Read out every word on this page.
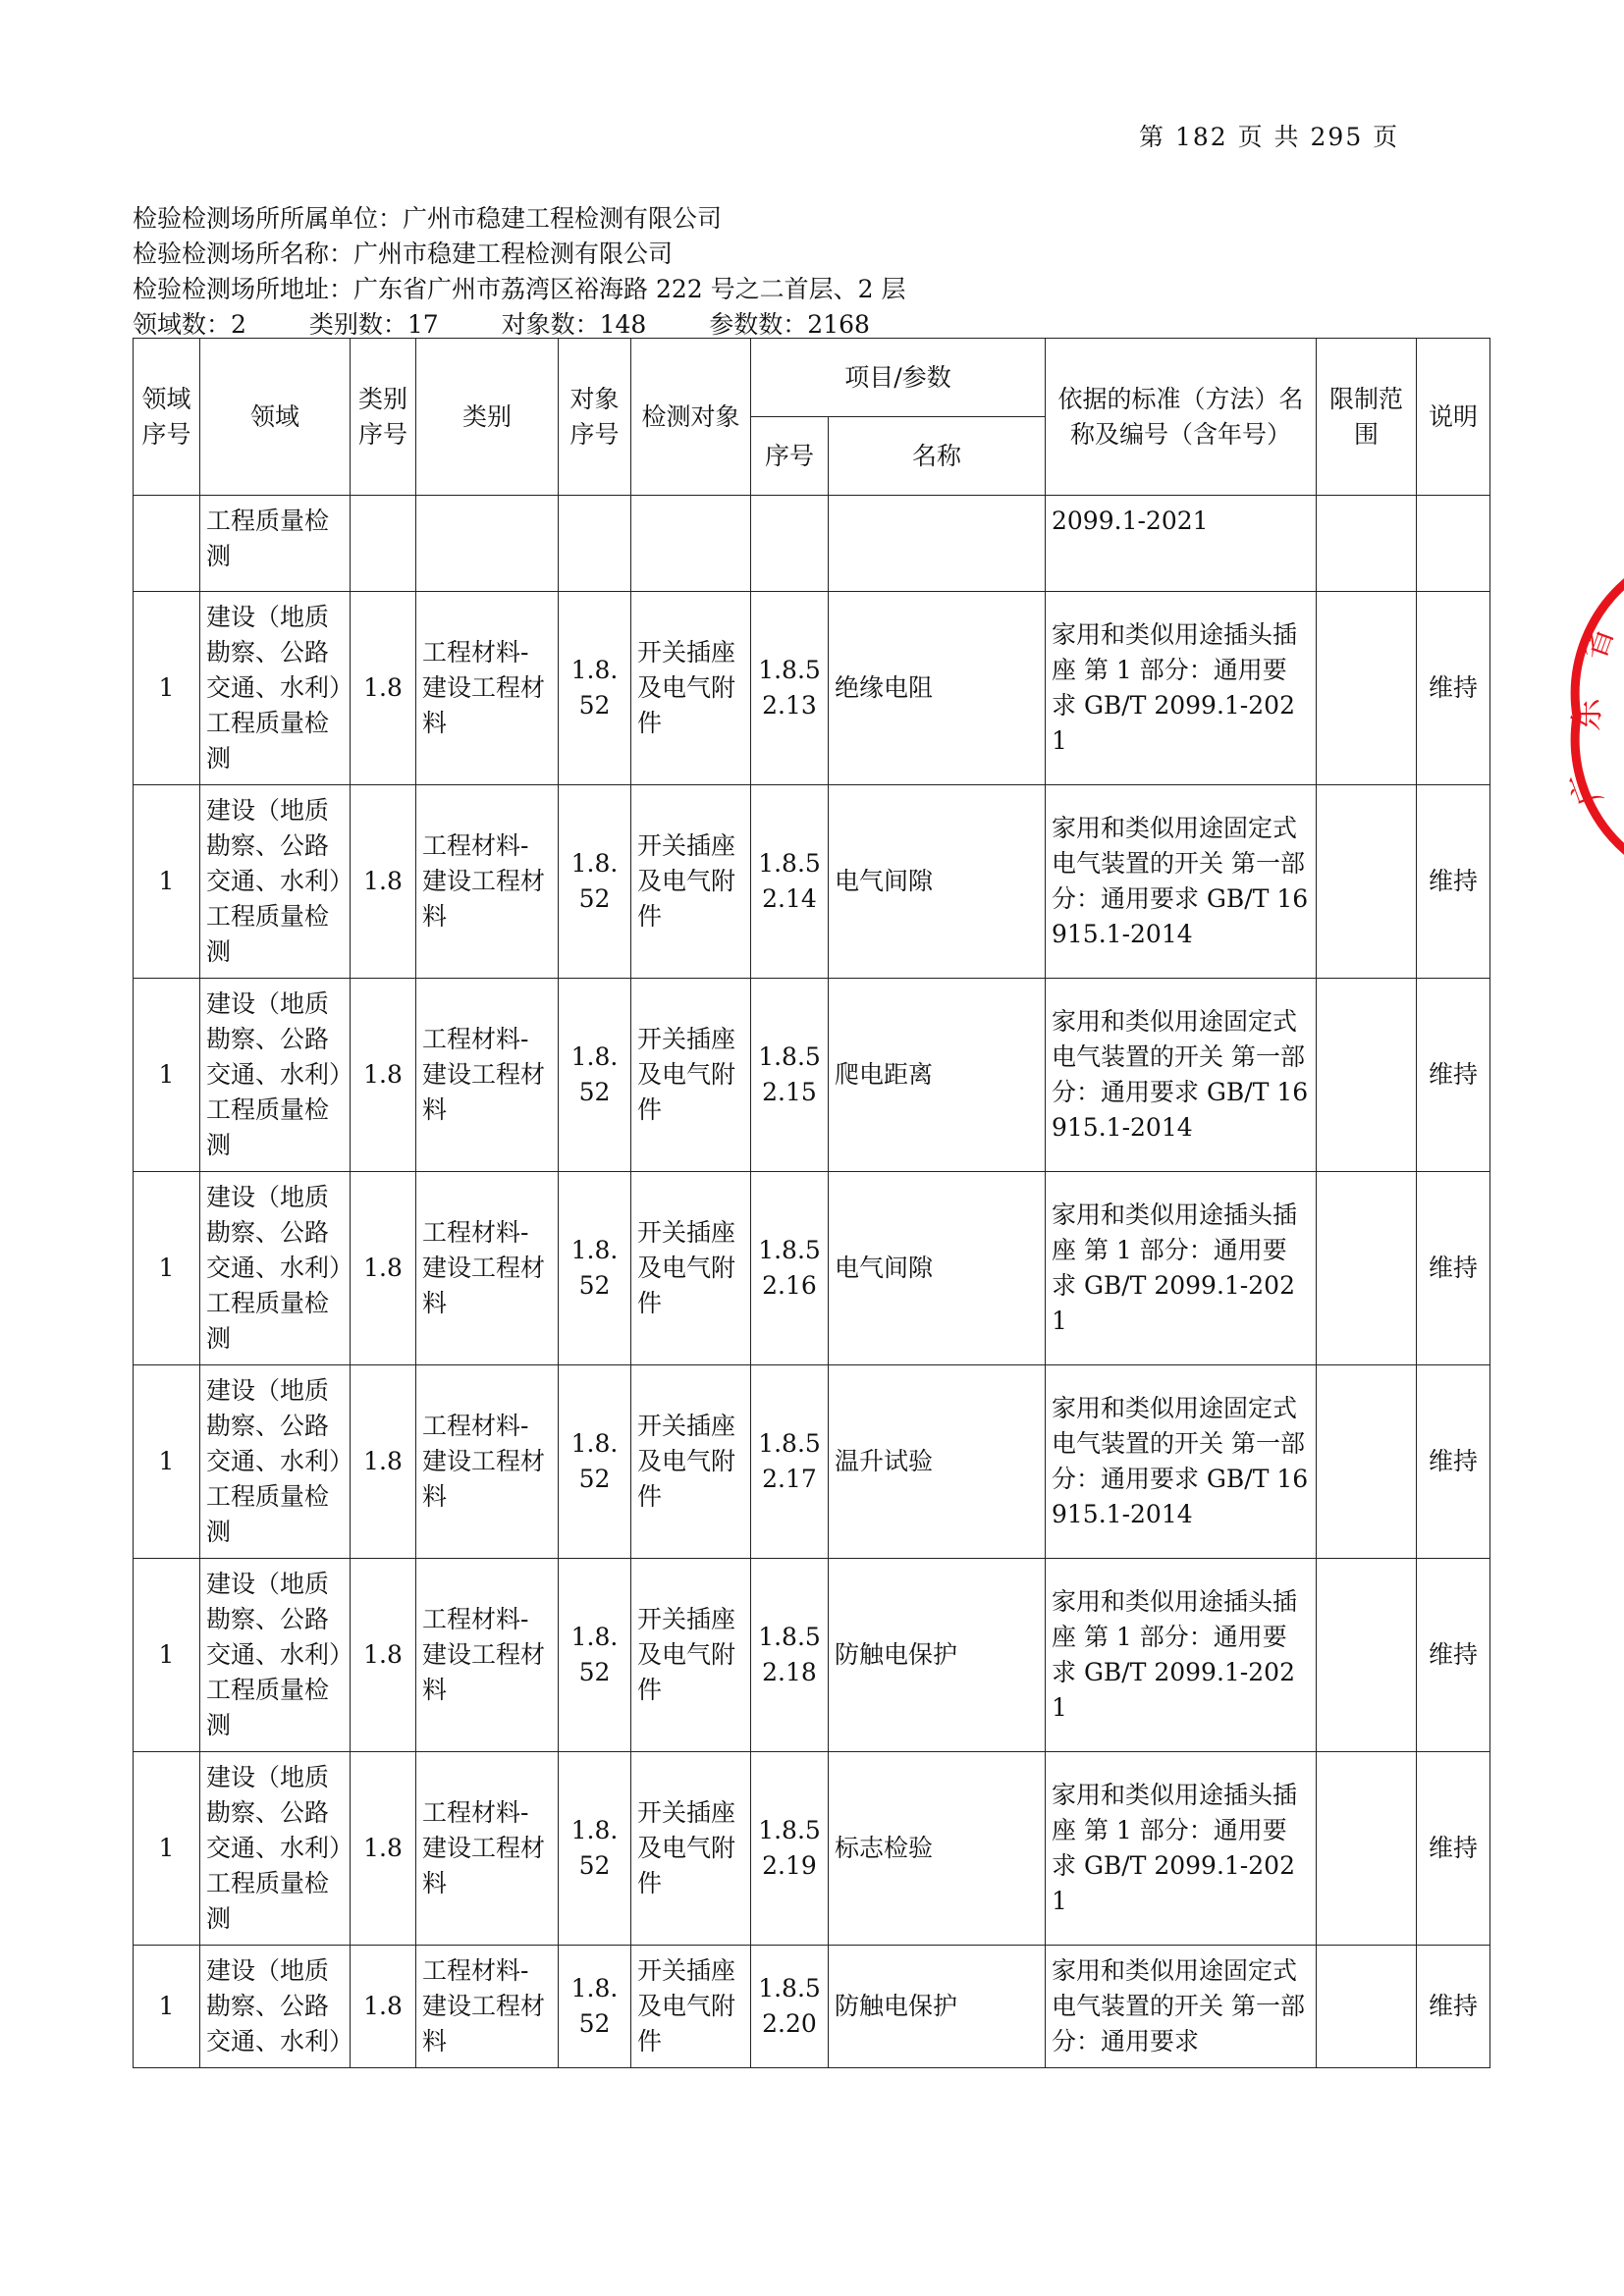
第 182 页 共 295 页
检验检测场所所属单位：广州市稳建工程检测有限公司
检验检测场所名称：广州市稳建工程检测有限公司
检验检测场所地址：广东省广州市荔湾区裕海路 222 号之二首层、2 层
领域数：2	类别数：17	对象数：148	参数数：2168
领域序号	领域	类别序号	类别	对象序号	检测对象	项目/参数		依据的标准（方法）名称及编号（含年号）	限制范围	说明
						序号	名称			
	工程质量检测							2099.1-2021		
1	建设（地质勘察、公路交通、水利）工程质量检测	1.8	工程材料-建设工程材料	1.8.52	开关插座及电气附件	1.8.52.13	绝缘电阻	家用和类似用途插头插座 第 1 部分：通用要求 GB/T 2099.1-2021		维持
1	建设（地质勘察、公路交通、水利）工程质量检测	1.8	工程材料-建设工程材料	1.8.52	开关插座及电气附件	1.8.52.14	电气间隙	家用和类似用途固定式电气装置的开关 第一部分：通用要求 GB/T 16915.1-2014		维持
1	建设（地质勘察、公路交通、水利）工程质量检测	1.8	工程材料-建设工程材料	1.8.52	开关插座及电气附件	1.8.52.15	爬电距离	家用和类似用途固定式电气装置的开关 第一部分：通用要求 GB/T 16915.1-2014		维持
1	建设（地质勘察、公路交通、水利）工程质量检测	1.8	工程材料-建设工程材料	1.8.52	开关插座及电气附件	1.8.52.16	电气间隙	家用和类似用途插头插座 第 1 部分：通用要求 GB/T 2099.1-2021		维持
1	建设（地质勘察、公路交通、水利）工程质量检测	1.8	工程材料-建设工程材料	1.8.52	开关插座及电气附件	1.8.52.17	温升试验	家用和类似用途固定式电气装置的开关 第一部分：通用要求 GB/T 16915.1-2014		维持
1	建设（地质勘察、公路交通、水利）工程质量检测	1.8	工程材料-建设工程材料	1.8.52	开关插座及电气附件	1.8.52.18	防触电保护	家用和类似用途插头插座 第 1 部分：通用要求 GB/T 2099.1-2021		维持
1	建设（地质勘察、公路交通、水利）工程质量检测	1.8	工程材料-建设工程材料	1.8.52	开关插座及电气附件	1.8.52.19	标志检验	家用和类似用途插头插座 第 1 部分：通用要求 GB/T 2099.1-2021		维持
1	建设（地质勘察、公路交通、水利）	1.8	工程材料-建设工程材料	1.8.52	开关插座及电气附件	1.8.52.20	防触电保护	家用和类似用途固定式电气装置的开关 第一部分：通用要求		维持
省
东
广
